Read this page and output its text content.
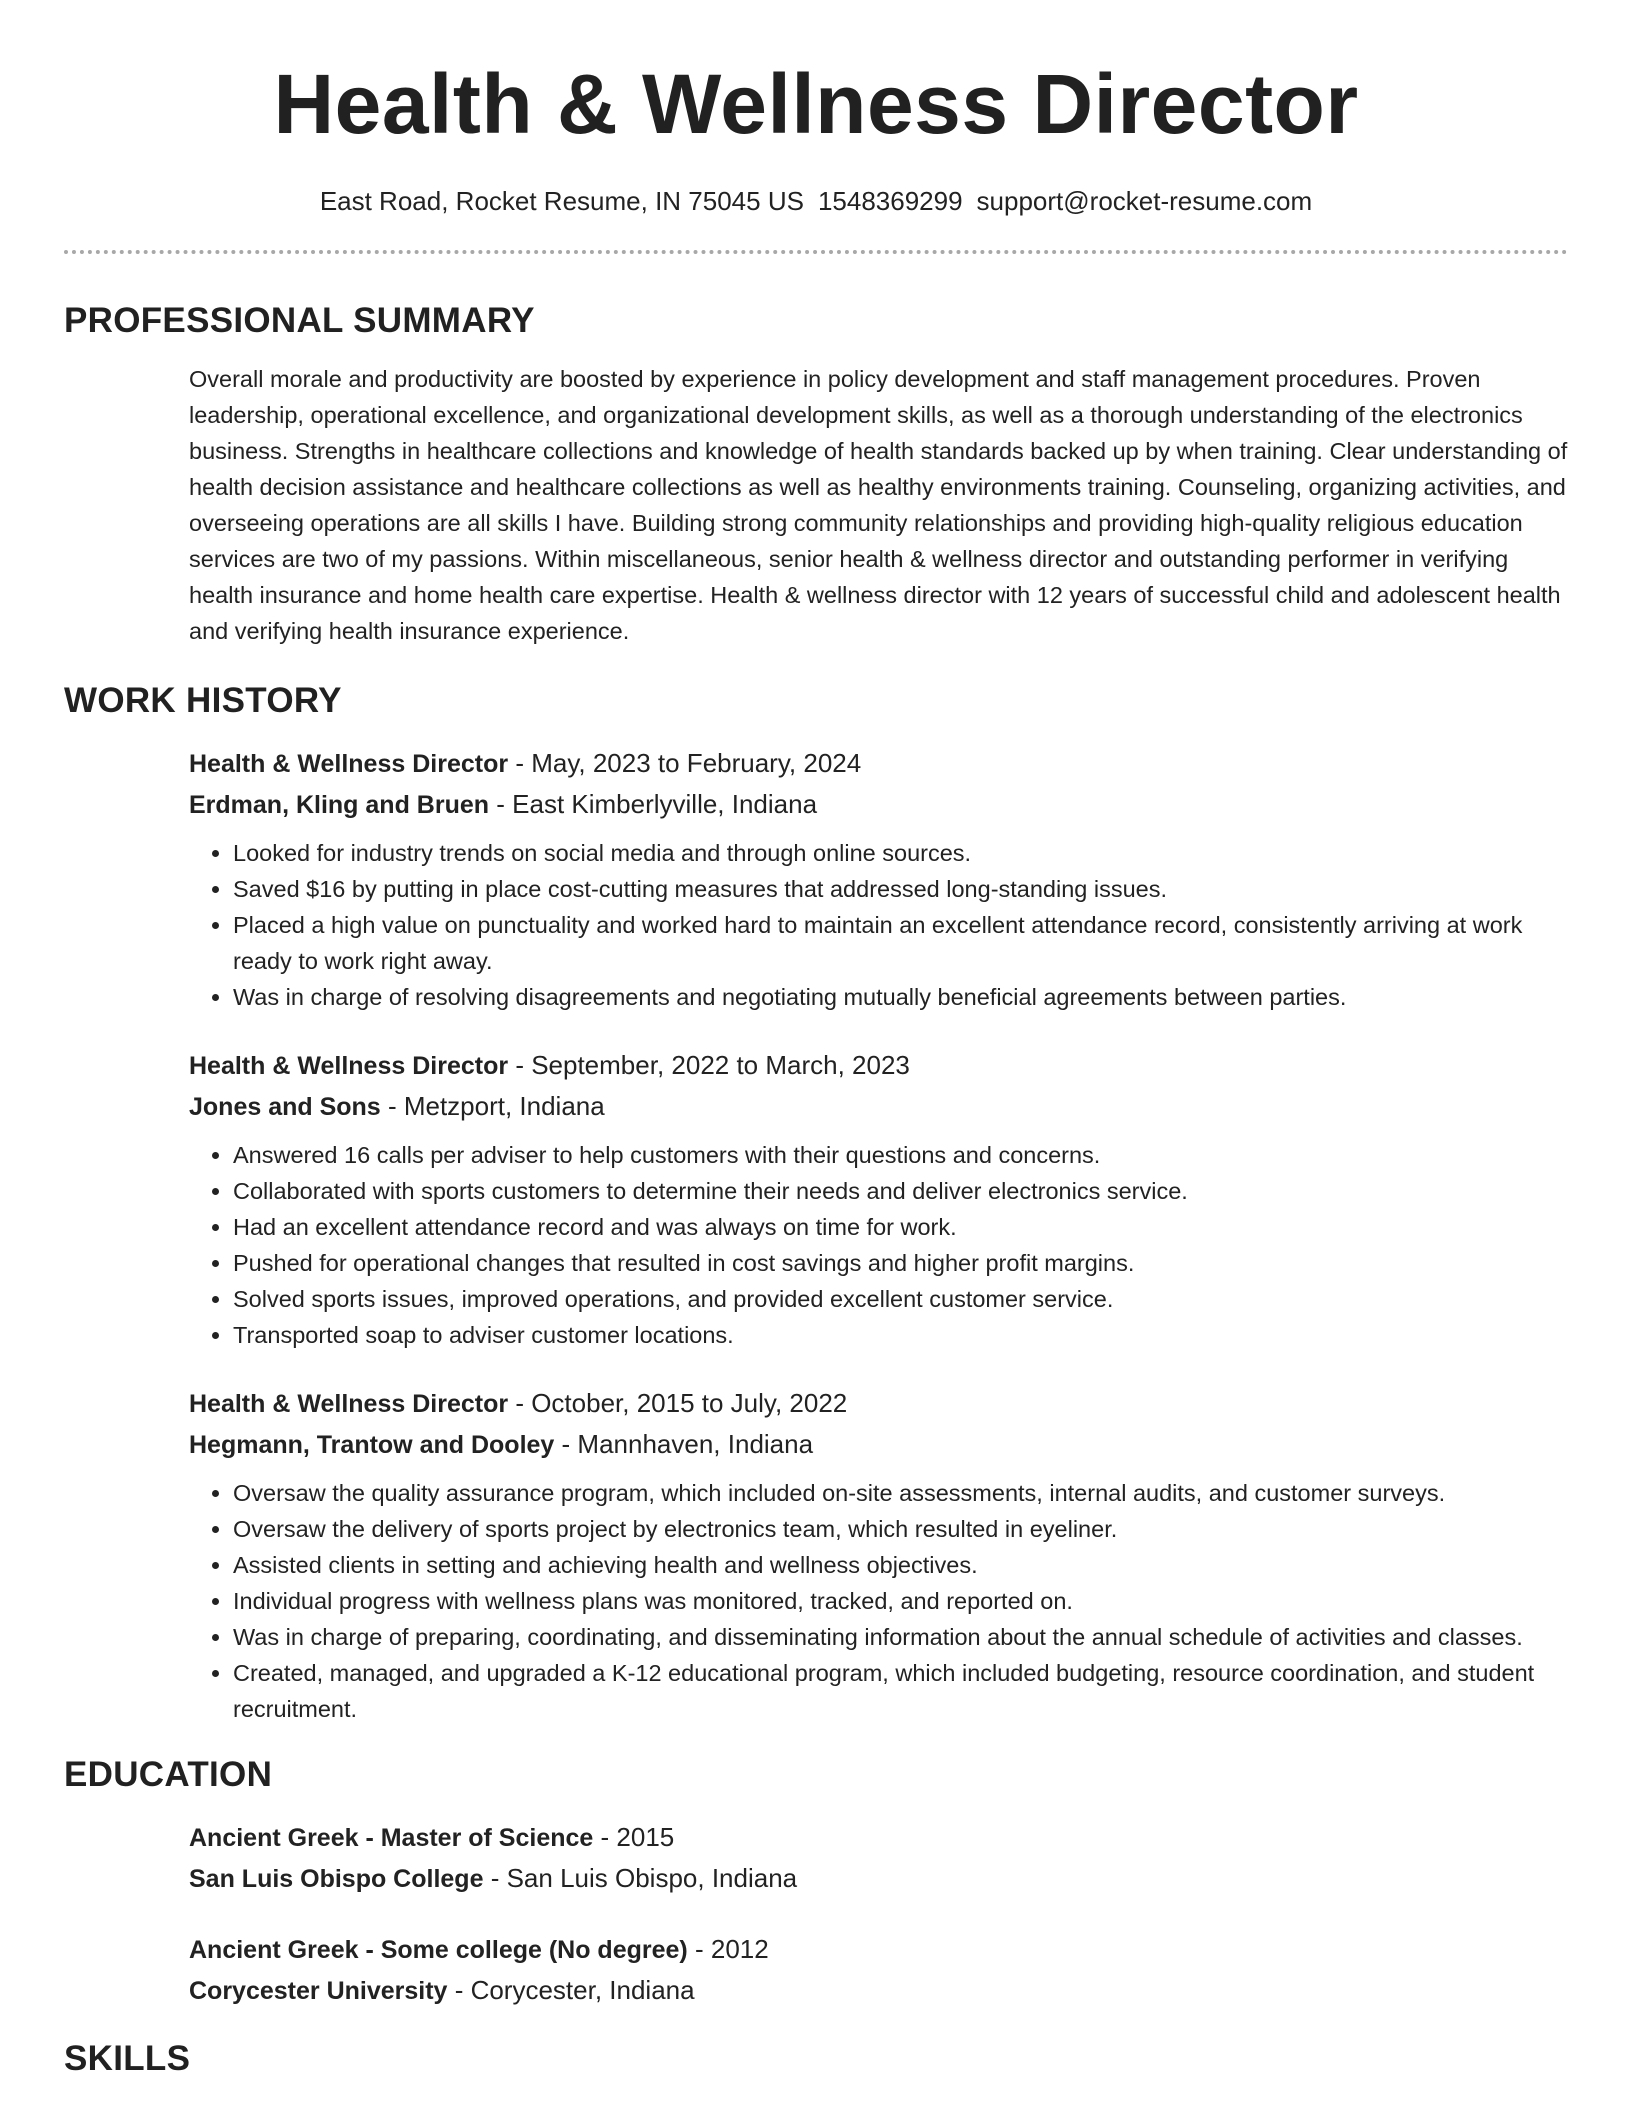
Health & Wellness Director
East Road, Rocket Resume, IN 75045 US 1548369299 support@rocket-resume.com
PROFESSIONAL SUMMARY
Overall morale and productivity are boosted by experience in policy development and staff management procedures. Proven leadership, operational excellence, and organizational development skills, as well as a thorough understanding of the electronics business. Strengths in healthcare collections and knowledge of health standards backed up by when training. Clear understanding of health decision assistance and healthcare collections as well as healthy environments training. Counseling, organizing activities, and overseeing operations are all skills I have. Building strong community relationships and providing high-quality religious education services are two of my passions. Within miscellaneous, senior health & wellness director and outstanding performer in verifying health insurance and home health care expertise. Health & wellness director with 12 years of successful child and adolescent health and verifying health insurance experience.
WORK HISTORY
Health & Wellness Director - May, 2023 to February, 2024
Erdman, Kling and Bruen - East Kimberlyville, Indiana
• Looked for industry trends on social media and through online sources.
• Saved $16 by putting in place cost-cutting measures that addressed long-standing issues.
• Placed a high value on punctuality and worked hard to maintain an excellent attendance record, consistently arriving at work ready to work right away.
• Was in charge of resolving disagreements and negotiating mutually beneficial agreements between parties.
Health & Wellness Director - September, 2022 to March, 2023
Jones and Sons - Metzport, Indiana
• Answered 16 calls per adviser to help customers with their questions and concerns.
• Collaborated with sports customers to determine their needs and deliver electronics service.
• Had an excellent attendance record and was always on time for work.
• Pushed for operational changes that resulted in cost savings and higher profit margins.
• Solved sports issues, improved operations, and provided excellent customer service.
• Transported soap to adviser customer locations.
Health & Wellness Director - October, 2015 to July, 2022
Hegmann, Trantow and Dooley - Mannhaven, Indiana
• Oversaw the quality assurance program, which included on-site assessments, internal audits, and customer surveys.
• Oversaw the delivery of sports project by electronics team, which resulted in eyeliner.
• Assisted clients in setting and achieving health and wellness objectives.
• Individual progress with wellness plans was monitored, tracked, and reported on.
• Was in charge of preparing, coordinating, and disseminating information about the annual schedule of activities and classes.
• Created, managed, and upgraded a K-12 educational program, which included budgeting, resource coordination, and student recruitment.
EDUCATION
Ancient Greek - Master of Science - 2015
San Luis Obispo College - San Luis Obispo, Indiana
Ancient Greek - Some college (No degree) - 2012
Corycester University - Corycester, Indiana
SKILLS
